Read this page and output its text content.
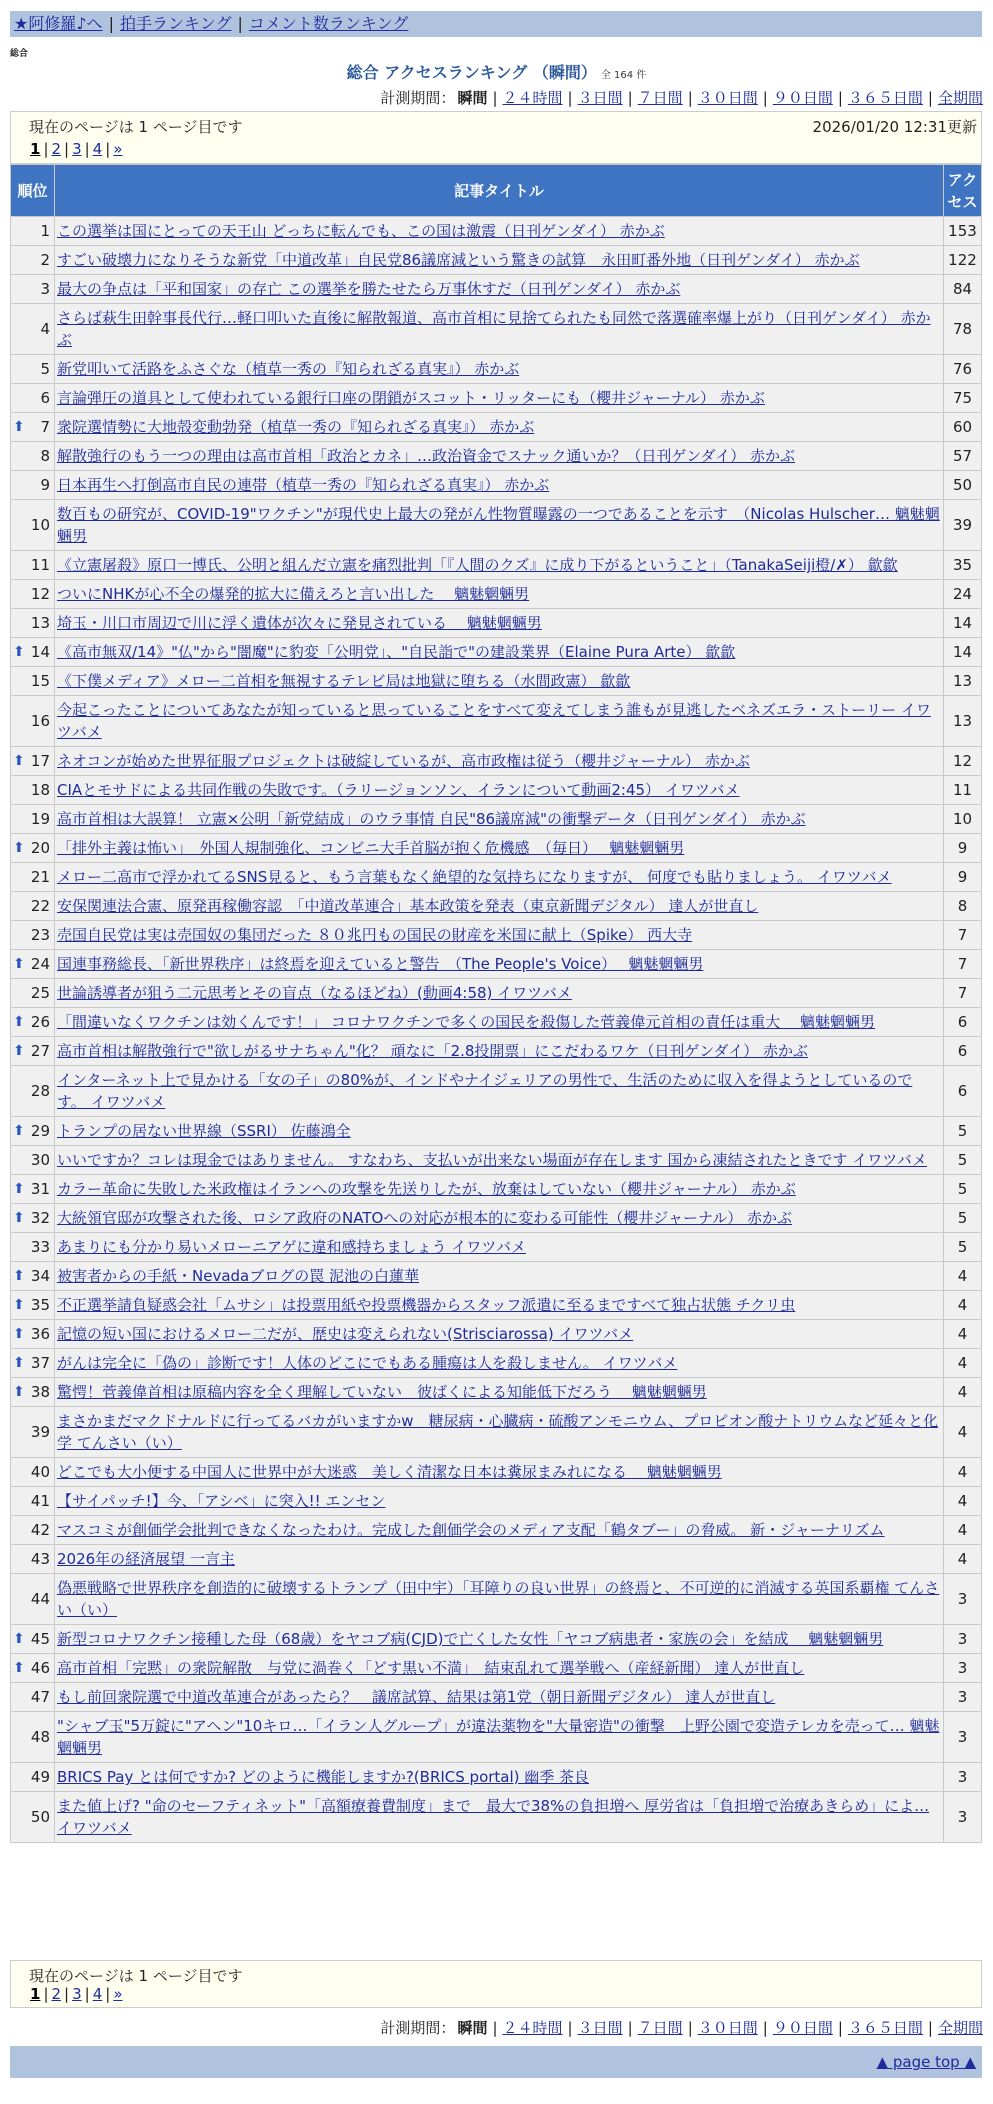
★阿修羅♪へ | 拍手ランキング | コメント数ランキング
総合
総合 アクセスランキング （瞬間） 全 164 件
計測期間： 瞬間 | ２４時間 | ３日間 | ７日間 | ３０日間 | ９０日間 | ３６５日間 | 全期間
現在のページは 1 ページ目です	2026/01/20 12:31更新
1 | 2 | 3 | 4 | »
順位	記事タイトル	アクセス
1	この選挙は国にとっての天王山 どっちに転んでも、この国は激震（日刊ゲンダイ） 赤かぶ	153
2	すごい破壊力になりそうな新党「中道改革」自民党86議席減という驚きの試算　永田町番外地（日刊ゲンダイ） 赤かぶ	122
3	最大の争点は「平和国家」の存亡 この選挙を勝たせたら万事休すだ（日刊ゲンダイ） 赤かぶ	84
4	さらば萩生田幹事長代行…軽口叩いた直後に解散報道、高市首相に見捨てられたも同然で落選確率爆上がり（日刊ゲンダイ） 赤かぶ	78
5	新党叩いて活路をふさぐな（植草一秀の『知られざる真実』） 赤かぶ	76
6	言論弾圧の道具として使われている銀行口座の閉鎖がスコット・リッターにも（櫻井ジャーナル） 赤かぶ	75

⬆ 7	衆院選情勢に大地殻変動勃発（植草一秀の『知られざる真実』） 赤かぶ	60
8	解散強行のもう一つの理由は高市首相「政治とカネ」…政治資金でスナック通いか？（日刊ゲンダイ） 赤かぶ	57
9	日本再生へ打倒高市自民の連帯（植草一秀の『知られざる真実』） 赤かぶ	50
10	数百もの研究が、COVID-19"ワクチン"が現代史上最大の発がん性物質曝露の一つであることを示す　（Nicolas Hulscher… 魑魅魍魎男	39
11	《立憲屠殺》原口一博氏、公明と組んだ立憲を痛烈批判「『人間のクズ』に成り下がるということ」（TanakaSeiji橙/✗） 歙歙	35
12	ついにNHKが心不全の爆発的拡大に備えろと言い出した　 魑魅魍魎男	24
13	埼玉・川口市周辺で川に浮く遺体が次々に発見されている　 魑魅魍魎男	14

⬆ 14	《高市無双/14》"仏"から"闇魔"に豹変「公明党」、"自民詣で"の建設業界（Elaine Pura Arte） 歙歙	14
15	《下僕メディア》メロー二首相を無視するテレビ局は地獄に堕ちる（水間政憲） 歙歙	13
16	今起こったことについてあなたが知っていると思っていることをすべて変えてしまう誰もが見逃したベネズエラ・ストーリー イワツバメ	13

⬆ 17	ネオコンが始めた世界征服プロジェクトは破綻しているが、高市政権は従う（櫻井ジャーナル） 赤かぶ	12
18	CIAとモサドによる共同作戦の失敗です。（ラリージョンソン、イランについて動画2:45） イワツバメ	11
19	高市首相は大誤算！ 立憲×公明「新党結成」のウラ事情 自民"86議席減"の衝撃データ（日刊ゲンダイ） 赤かぶ	10

⬆ 20	「排外主義は怖い」　外国人規制強化、コンビニ大手首脳が抱く危機感　（毎日）　 魑魅魍魎男	9
21	メロー二高市で浮かれてるSNS見ると、もう言葉もなく絶望的な気持ちになりますが、 何度でも貼りましょう。 イワツバメ	9
22	安保関連法合憲、原発再稼働容認　「中道改革連合」基本政策を発表（東京新聞デジタル） 達人が世直し	8
23	売国自民党は実は売国奴の集団だった ８０兆円もの国民の財産を米国に献上（Spike） 西大寺	7

⬆ 24	国連事務総長、「新世界秩序」は終焉を迎えていると警告　（The People's Voice）　 魑魅魍魎男	7
25	世論誘導者が狙う二元思考とその盲点（なるほどね）(動画4:58) イワツバメ	7

⬆ 26	「間違いなくワクチンは効くんです！」 コロナワクチンで多くの国民を殺傷した菅義偉元首相の責任は重大　 魑魅魍魎男	6

⬆ 27	高市首相は解散強行で"欲しがるサナちゃん"化？ 頑なに「2.8投開票」にこだわるワケ（日刊ゲンダイ） 赤かぶ	6
28	インターネット上で見かける「女の子」の80%が、インドやナイジェリアの男性で、生活のために収入を得ようとしているのです。 イワツバメ	6

⬆ 29	トランプの居ない世界線（SSRI） 佐藤鴻全	5
30	いいですか？コレは現金ではありません。 すなわち、支払いが出来ない場面が存在します 国から凍結されたときです イワツバメ	5

⬆ 31	カラー革命に失敗した米政権はイランへの攻撃を先送りしたが、放棄はしていない（櫻井ジャーナル） 赤かぶ	5

⬆ 32	大統領官邸が攻撃された後、ロシア政府のNATOへの対応が根本的に変わる可能性（櫻井ジャーナル） 赤かぶ	5
33	あまりにも分かり易いメローニアゲに違和感持ちましょう イワツバメ	5

⬆ 34	被害者からの手紙・Nevadaブログの罠 泥池の白蓮華	4

⬆ 35	不正選挙請負疑惑会社「ムサシ」は投票用紙や投票機器からスタッフ派遣に至るまですべて独占状態 チクリ虫	4

⬆ 36	記憶の短い国におけるメロー二だが、歴史は変えられない(Strisciarossa) イワツバメ	4

⬆ 37	がんは完全に「偽の」診断です！人体のどこにでもある腫瘍は人を殺しません。 イワツバメ	4

⬆ 38	驚愕！菅義偉首相は原稿内容を全く理解していない　彼ばくによる知能低下だろう　 魑魅魍魎男	4
39	まさかまだマクドナルドに行ってるバカがいますかw　糖尿病・心臓病・硫酸アンモニウム、プロピオン酸ナトリウムなど延々と化学 てんさい（い）	4
40	どこでも大小便する中国人に世界中が大迷惑　美しく清潔な日本は糞尿まみれになる　 魑魅魍魎男	4
41	【サイパッチ!】今、「アシベ」に突入!! エンセン	4
42	マスコミが創価学会批判できなくなったわけ。完成した創価学会のメディア支配「鶴タブー」の脅威。 新・ジャーナリズム	4
43	2026年の経済展望 一言主	4
44	偽悪戦略で世界秩序を創造的に破壊するトランプ（田中宇）「耳障りの良い世界」の終焉と、不可逆的に消滅する英国系覇権 てんさい（い）	3

⬆ 45	新型コロナワクチン接種した母（68歳）をヤコブ病(CJD)で亡くした女性「ヤコブ病患者・家族の会」を結成　 魑魅魍魎男	3

⬆ 46	高市首相「完黙」の衆院解散　与党に渦巻く「どす黒い不満」　結束乱れて選挙戦へ（産経新聞） 達人が世直し	3
47	もし前回衆院選で中道改革連合があったら？　議席試算、結果は第1党（朝日新聞デジタル） 達人が世直し	3
48	"シャブ玉"5万錠に"アヘン"10キロ…「イラン人グループ」が違法薬物を"大量密造"の衝撃　上野公園で変造テレカを売って… 魑魅魍魎男	3
49	BRICS Pay とは何ですか? どのように機能しますか?(BRICS portal) 幽季 茶良	3
50	また値上げ? "命のセーフティネット"「高額療養費制度」まで　最大で38%の負担増へ 厚労省は「負担増で治療あきらめ」によ… イワツバメ	3
現在のページは 1 ページ目です
1 | 2 | 3 | 4 | »
計測期間： 瞬間 | ２４時間 | ３日間 | ７日間 | ３０日間 | ９０日間 | ３６５日間 | 全期間
▲ page top ▲
